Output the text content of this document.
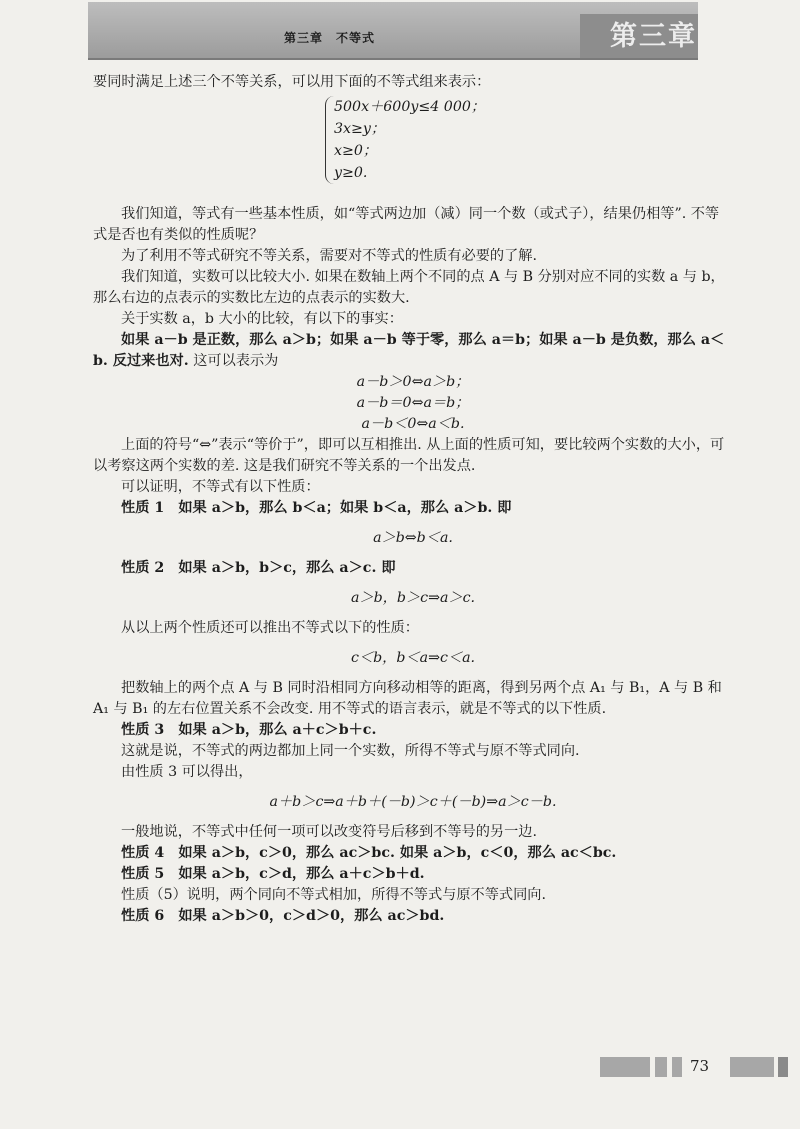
第三章　不等式	第三章

要同时满足上述三个不等关系，可以用下面的不等式组来表示：

500x＋600y≤4 000；
3x≥y；
x≥0；
y≥0.

我们知道，等式有一些基本性质，如“等式两边加（减）同一个数（或式子），结果仍相等”. 不等式是否也有类似的性质呢？

为了利用不等式研究不等关系，需要对不等式的性质有必要的了解.

我们知道，实数可以比较大小. 如果在数轴上两个不同的点 A 与 B 分别对应不同的实数 a 与 b，那么右边的点表示的实数比左边的点表示的实数大.

关于实数 a，b 大小的比较，有以下的事实：

如果 a－b 是正数，那么 a＞b；如果 a－b 等于零，那么 a＝b；如果 a－b 是负数，那么 a＜b. 反过来也对. 这可以表示为

a－b＞0⇔a＞b；

a－b＝0⇔a＝b；

a－b＜0⇔a＜b.

上面的符号“⇔”表示“等价于”，即可以互相推出. 从上面的性质可知，要比较两个实数的大小，可以考察这两个实数的差. 这是我们研究不等关系的一个出发点.

可以证明，不等式有以下性质：

性质 1　如果 a＞b，那么 b＜a；如果 b＜a，那么 a＞b. 即

a＞b⇔b＜a.

性质 2　如果 a＞b，b＞c，那么 a＞c. 即

a＞b，b＞c⇒a＞c.

从以上两个性质还可以推出不等式以下的性质：

c＜b，b＜a⇒c＜a.

把数轴上的两个点 A 与 B 同时沿相同方向移动相等的距离，得到另两个点 A₁ 与 B₁，A 与 B 和 A₁ 与 B₁ 的左右位置关系不会改变. 用不等式的语言表示，就是不等式的以下性质.

性质 3　如果 a＞b，那么 a＋c＞b＋c.

这就是说，不等式的两边都加上同一个实数，所得不等式与原不等式同向.

由性质 3 可以得出，

a＋b＞c⇒a＋b＋(－b)＞c＋(－b)⇒a＞c－b.

一般地说，不等式中任何一项可以改变符号后移到不等号的另一边.

性质 4　如果 a＞b，c＞0，那么 ac＞bc. 如果 a＞b，c＜0，那么 ac＜bc.

性质 5　如果 a＞b，c＞d，那么 a＋c＞b＋d.

性质（5）说明，两个同向不等式相加，所得不等式与原不等式同向.

性质 6　如果 a＞b＞0，c＞d＞0，那么 ac＞bd.

73
